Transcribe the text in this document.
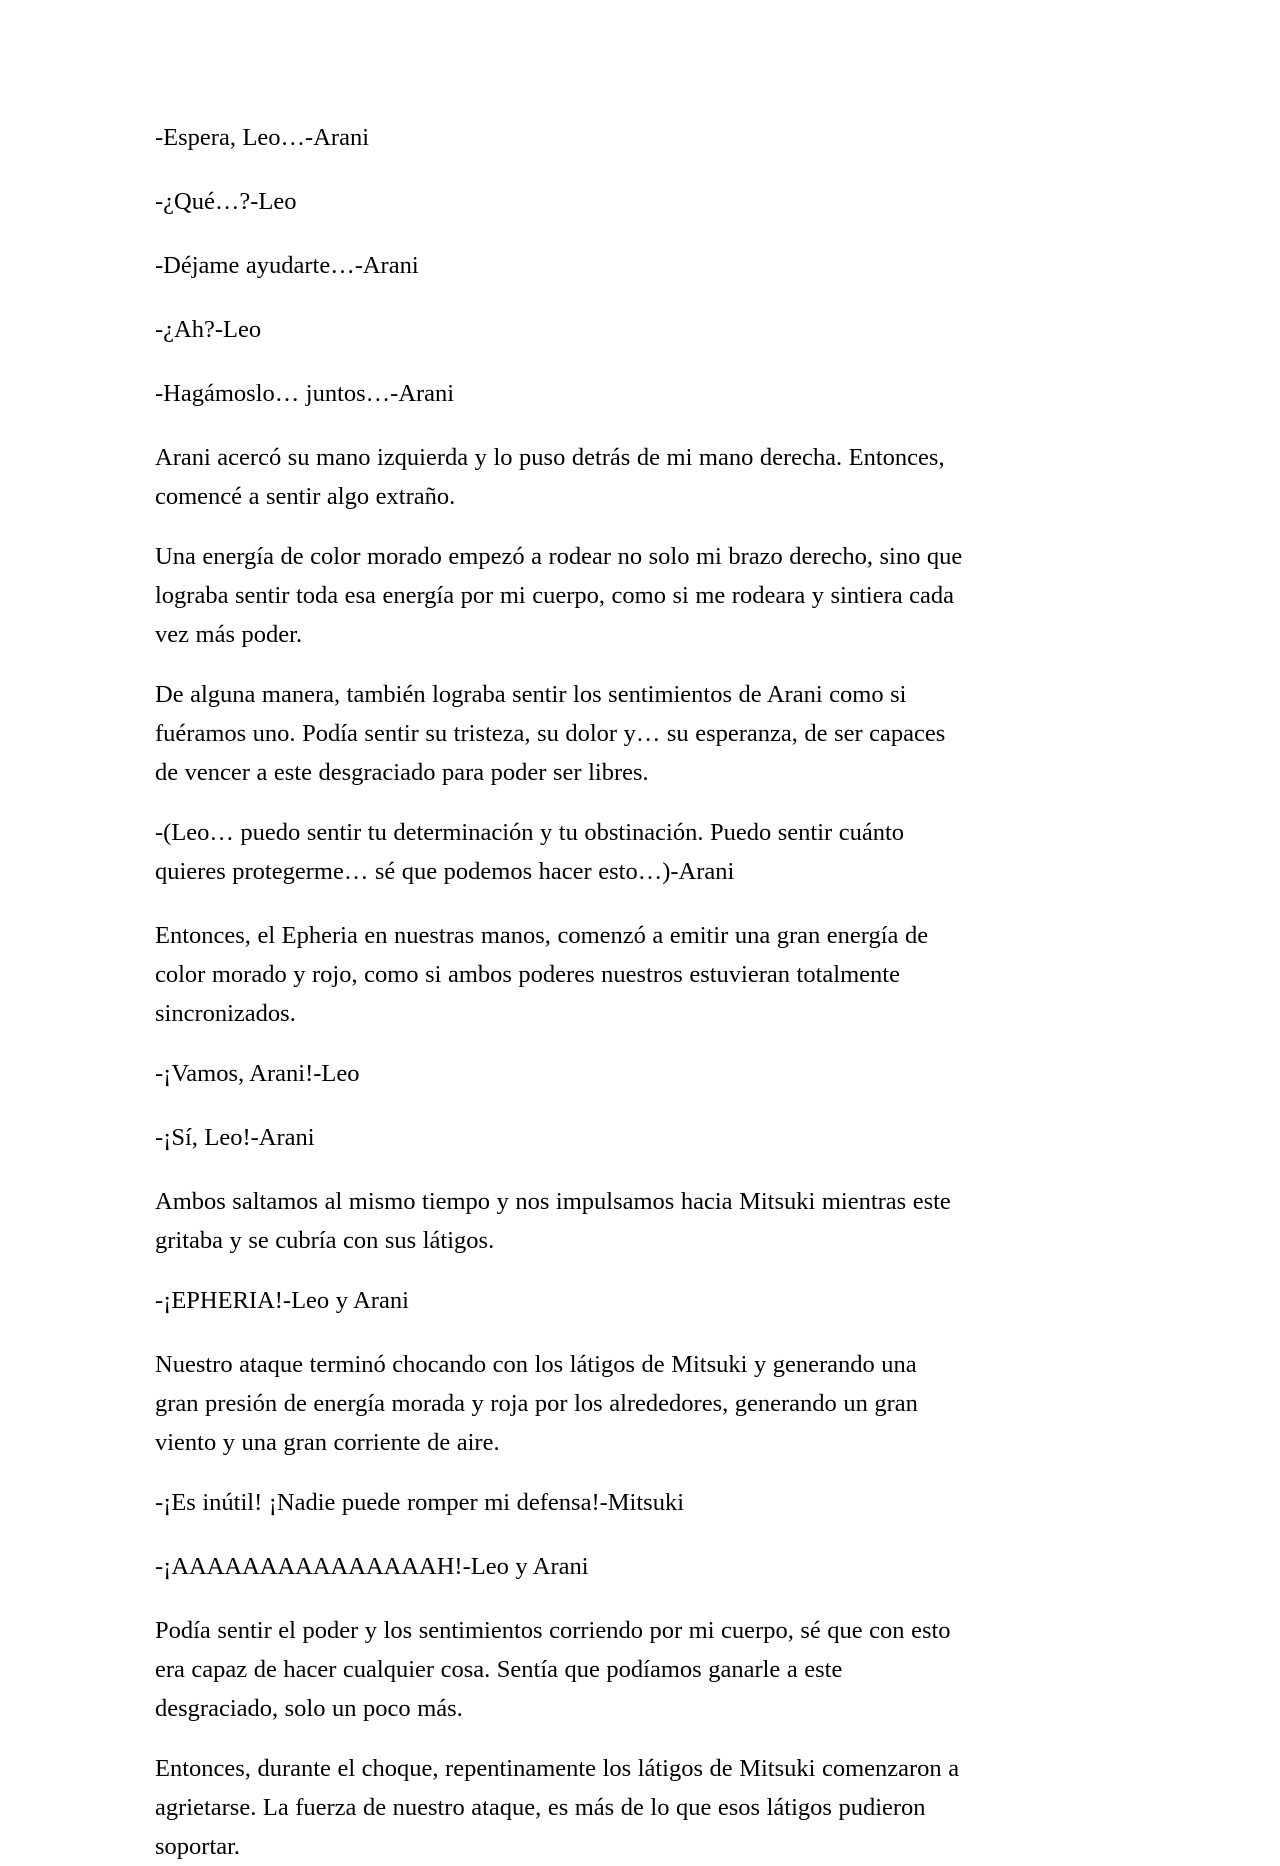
-Espera, Leo…-Arani

-¿Qué…?-Leo

-Déjame ayudarte…-Arani

-¿Ah?-Leo

-Hagámoslo… juntos…-Arani

Arani acercó su mano izquierda y lo puso detrás de mi mano derecha. Entonces, comencé a sentir algo extraño.

Una energía de color morado empezó a rodear no solo mi brazo derecho, sino que lograba sentir toda esa energía por mi cuerpo, como si me rodeara y sintiera cada vez más poder.

De alguna manera, también lograba sentir los sentimientos de Arani como si fuéramos uno. Podía sentir su tristeza, su dolor y… su esperanza, de ser capaces de vencer a este desgraciado para poder ser libres.

-(Leo… puedo sentir tu determinación y tu obstinación. Puedo sentir cuánto quieres protegerme… sé que podemos hacer esto…)-Arani

Entonces, el Epheria en nuestras manos, comenzó a emitir una gran energía de color morado y rojo, como si ambos poderes nuestros estuvieran totalmente sincronizados.

-¡Vamos, Arani!-Leo

-¡Sí, Leo!-Arani

Ambos saltamos al mismo tiempo y nos impulsamos hacia Mitsuki mientras este gritaba y se cubría con sus látigos.

-¡EPHERIA!-Leo y Arani

Nuestro ataque terminó chocando con los látigos de Mitsuki y generando una gran presión de energía morada y roja por los alrededores, generando un gran viento y una gran corriente de aire.

-¡Es inútil! ¡Nadie puede romper mi defensa!-Mitsuki

-¡AAAAAAAAAAAAAAAH!-Leo y Arani

Podía sentir el poder y los sentimientos corriendo por mi cuerpo, sé que con esto era capaz de hacer cualquier cosa. Sentía que podíamos ganarle a este desgraciado, solo un poco más.

Entonces, durante el choque, repentinamente los látigos de Mitsuki comenzaron a agrietarse. La fuerza de nuestro ataque, es más de lo que esos látigos pudieron soportar.
